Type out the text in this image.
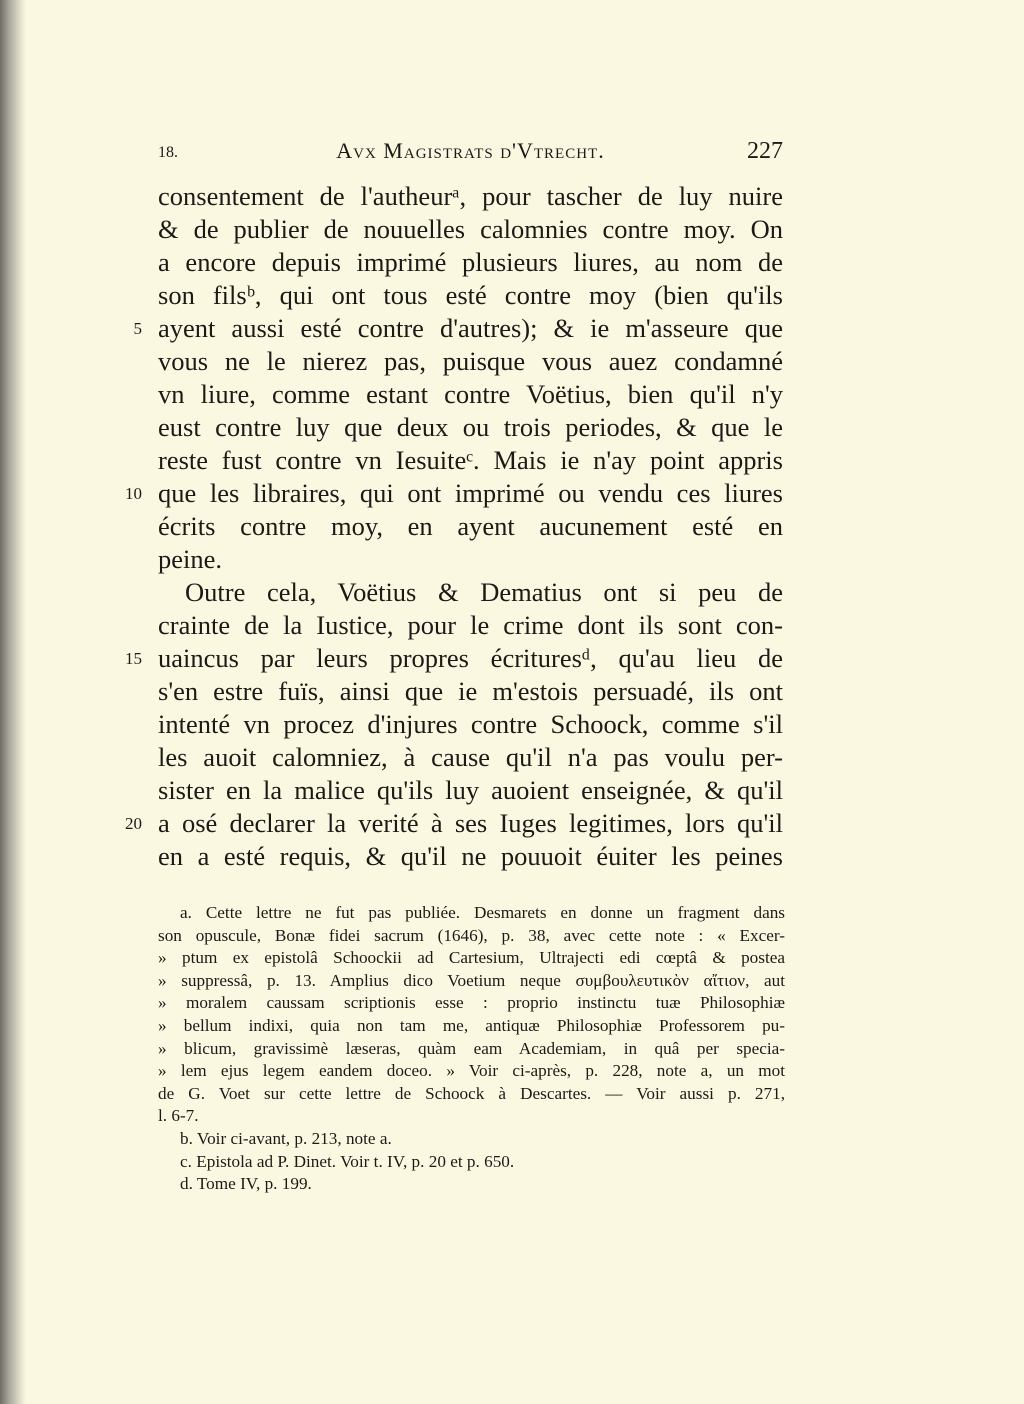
18.	Avx Magistrats d'Vtrecht.	227
consentement de l'autheurᵃ, pour tascher de luy nuire
& de publier de nouuelles calomnies contre moy. On
a encore depuis imprimé plusieurs liures, au nom de
son filsᵇ, qui ont tous esté contre moy (bien qu'ils
5 ayent aussi esté contre d'autres); & ie m'asseure que
vous ne le nierez pas, puisque vous auez condamné
vn liure, comme estant contre Voëtius, bien qu'il n'y
eust contre luy que deux ou trois periodes, & que le
reste fust contre vn Iesuiteᶜ. Mais ie n'ay point appris
10 que les libraires, qui ont imprimé ou vendu ces liures
écrits contre moy, en ayent aucunement esté en
peine.
Outre cela, Voëtius & Dematius ont si peu de
crainte de la Iustice, pour le crime dont ils sont con-
15 uaincus par leurs propres écrituresᵈ, qu'au lieu de
s'en estre fuïs, ainsi que ie m'estois persuadé, ils ont
intenté vn procez d'injures contre Schoock, comme s'il
les auoit calomniez, à cause qu'il n'a pas voulu per-
sister en la malice qu'ils luy auoient enseignée, & qu'il
20 a osé declarer la verité à ses Iuges legitimes, lors qu'il
en a esté requis, & qu'il ne pouuoit éuiter les peines
a. Cette lettre ne fut pas publiée. Desmarets en donne un fragment dans
son opuscule, Bonæ fidei sacrum (1646), p. 38, avec cette note : « Excer-
» ptum ex epistolâ Schoockii ad Cartesium, Ultrajecti edi cœptâ & postea
» suppressâ, p. 13. Amplius dico Voetium neque συμβουλευτικὸν αἴτιον, aut
» moralem caussam scriptionis esse : proprio instinctu tuæ Philosophiæ
» bellum indixi, quia non tam me, antiquæ Philosophiæ Professorem pu-
» blicum, gravissimè læseras, quàm eam Academiam, in quâ per specia-
» lem ejus legem eandem doceo. » Voir ci-après, p. 228, note a, un mot
de G. Voet sur cette lettre de Schoock à Descartes. — Voir aussi p. 271,
l. 6-7.
b. Voir ci-avant, p. 213, note a.
c. Epistola ad P. Dinet. Voir t. IV, p. 20 et p. 650.
d. Tome IV, p. 199.
